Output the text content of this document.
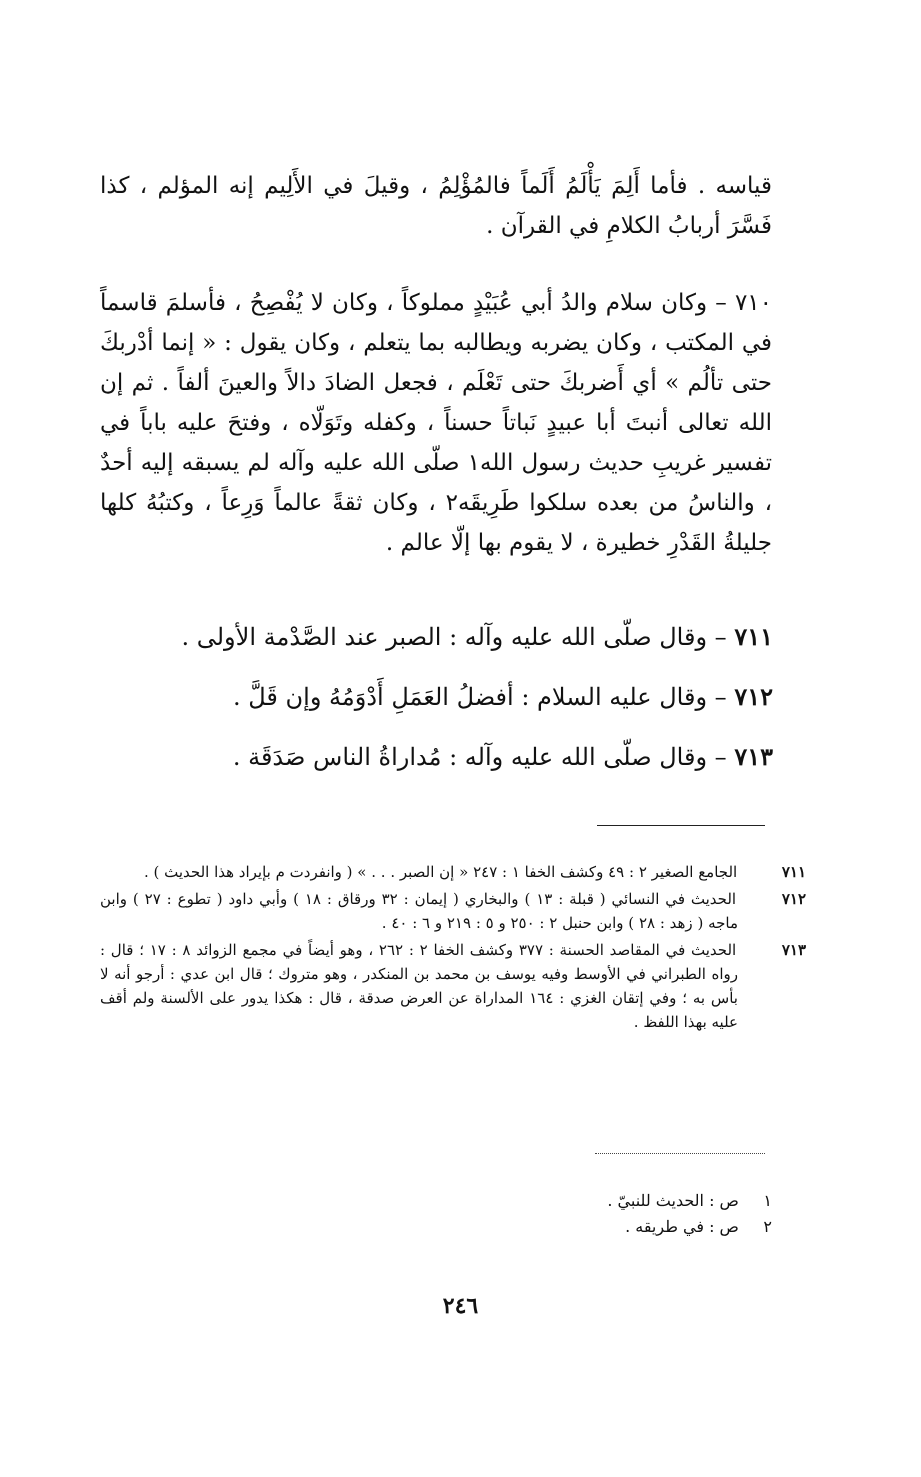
قياسه . فأما أَلِمَ يَأْلَمُ أَلَماً فالمُؤْلِمُ ، وقيلَ في الأَلِيم إنه المؤلم ، كذا فَسَّرَ أربابُ الكلامِ في القرآن .

٧١٠ – وكان سلام والدُ أبي عُبَيْدٍ مملوكاً ، وكان لا يُفْصِحُ ، فأسلمَ قاسماً في المكتب ، وكان يضربه ويطالبه بما يتعلم ، وكان يقول : « إنما أدْربكَ حتى تألُم » أي أَضربكَ حتى تَعْلَم ، فجعل الضادَ دالاً والعينَ ألفاً . ثم إن الله تعالى أنبتَ أبا عبيدٍ نَباتاً حسناً ، وكفله وتَوَلّاه ، وفتحَ عليه باباً في تفسير غريبِ حديث رسول الله١ صلّى الله عليه وآله لم يسبقه إليه أحدٌ ، والناسُ من بعده سلكوا طَرِيقَه٢ ، وكان ثقةً عالماً وَرِعاً ، وكتبُهُ كلها جليلةُ القَدْرِ خطيرة ، لا يقوم بها إلّا عالم .

٧١١ – وقال صلّى الله عليه وآله : الصبر عند الصَّدْمة الأولى .
٧١٢ – وقال عليه السلام : أفضلُ العَمَلِ أَدْوَمُهُ وإن قَلَّ .
٧١٣ – وقال صلّى الله عليه وآله : مُداراةُ الناس صَدَقَة .

٧١١ الجامع الصغير ٢ : ٤٩ وكشف الخفا ١ : ٢٤٧ « إن الصبر . . . » ( وانفردت م بإيراد هذا الحديث ) .

٧١٢ الحديث في النسائي ( قبلة : ١٣ ) والبخاري ( إيمان : ٣٢ ورقاق : ١٨ ) وأبي داود ( تطوع : ٢٧ ) وابن ماجه ( زهد : ٢٨ ) وابن حنبل ٢ : ٢٥٠ و ٥ : ٢١٩ و ٦ : ٤٠ .

٧١٣ الحديث في المقاصد الحسنة : ٣٧٧ وكشف الخفا ٢ : ٢٦٢ ، وهو أيضاً في مجمع الزوائد ٨ : ١٧ ؛ قال : رواه الطبراني في الأوسط وفيه يوسف بن محمد بن المنكدر ، وهو متروك ؛ قال ابن عدي : أرجو أنه لا بأس به ؛ وفي إتقان الغزي : ١٦٤ المداراة عن العرض صدقة ، قال : هكذا يدور على الألسنة ولم أقف عليه بهذا اللفظ .

١ ص : الحديث للنبيّ .
٢ ص : في طريقه .
٢٤٦
